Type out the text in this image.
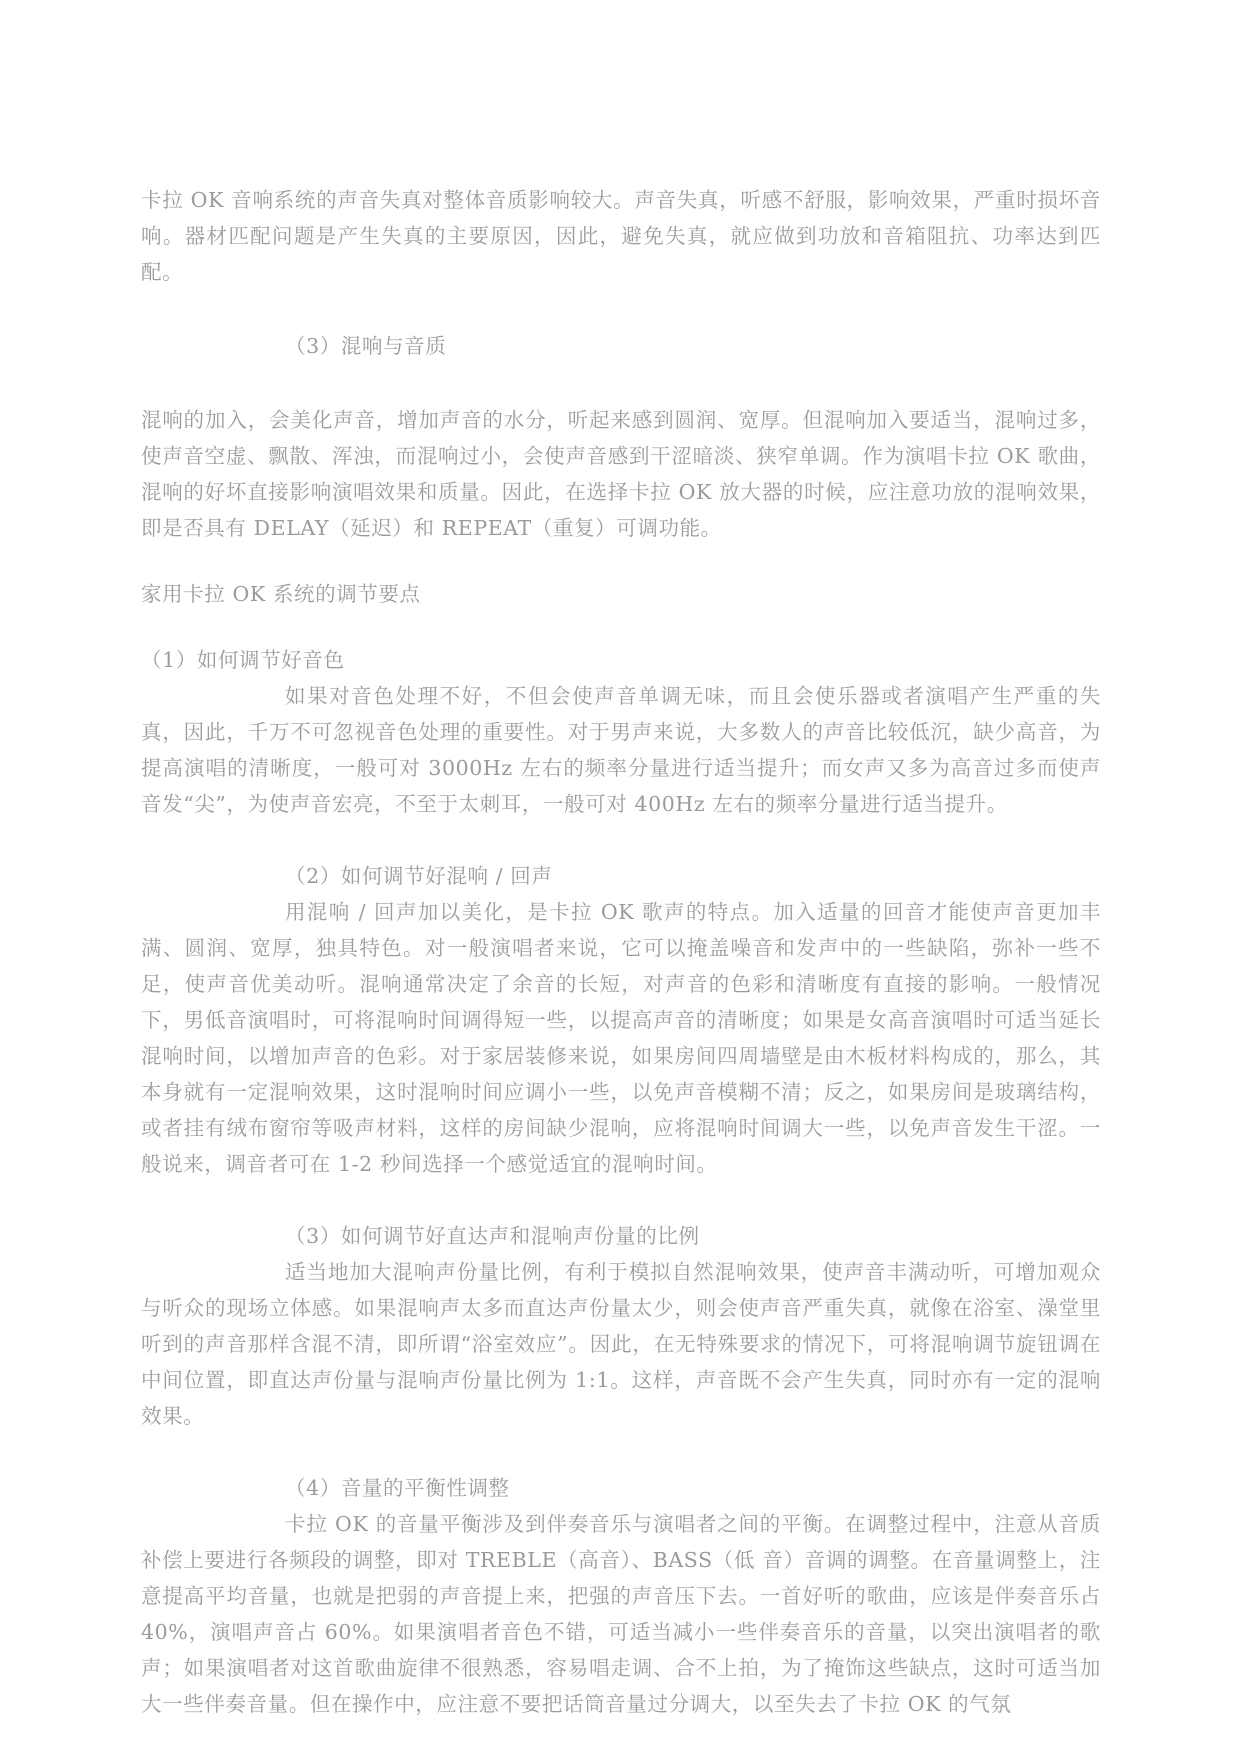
卡拉 OK 音响系统的声音失真对整体音质影响较大。声音失真，听感不舒服，影响效果，严重时损坏音响。器材匹配问题是产生失真的主要原因，因此，避免失真，就应做到功放和音箱阻抗、功率达到匹配。

（3）混响与音质

混响的加入，会美化声音，增加声音的水分，听起来感到圆润、宽厚。但混响加入要适当，混响过多，使声音空虚、飘散、浑浊，而混响过小，会使声音感到干涩暗淡、狭窄单调。作为演唱卡拉 OK 歌曲，混响的好坏直接影响演唱效果和质量。因此，在选择卡拉 OK 放大器的时候，应注意功放的混响效果，即是否具有 DELAY（延迟）和 REPEAT（重复）可调功能。

家用卡拉 OK 系统的调节要点

（1）如何调节好音色

如果对音色处理不好，不但会使声音单调无味，而且会使乐器或者演唱产生严重的失真，因此，千万不可忽视音色处理的重要性。对于男声来说，大多数人的声音比较低沉，缺少高音，为提高演唱的清晰度，一般可对 3000Hz 左右的频率分量进行适当提升；而女声又多为高音过多而使声音发“尖”，为使声音宏亮，不至于太刺耳，一般可对 400Hz 左右的频率分量进行适当提升。

（2）如何调节好混响 / 回声

用混响 / 回声加以美化，是卡拉 OK 歌声的特点。加入适量的回音才能使声音更加丰满、圆润、宽厚，独具特色。对一般演唱者来说，它可以掩盖噪音和发声中的一些缺陷，弥补一些不足，使声音优美动听。混响通常决定了余音的长短，对声音的色彩和清晰度有直接的影响。一般情况下，男低音演唱时，可将混响时间调得短一些，以提高声音的清晰度；如果是女高音演唱时可适当延长混响时间，以增加声音的色彩。对于家居装修来说，如果房间四周墙壁是由木板材料构成的，那么，其本身就有一定混响效果，这时混响时间应调小一些，以免声音模糊不清；反之，如果房间是玻璃结构，或者挂有绒布窗帘等吸声材料，这样的房间缺少混响，应将混响时间调大一些，以免声音发生干涩。一般说来，调音者可在 1-2 秒间选择一个感觉适宜的混响时间。

（3）如何调节好直达声和混响声份量的比例

适当地加大混响声份量比例，有利于模拟自然混响效果，使声音丰满动听，可增加观众与听众的现场立体感。如果混响声太多而直达声份量太少，则会使声音严重失真，就像在浴室、澡堂里听到的声音那样含混不清，即所谓“浴室效应”。因此，在无特殊要求的情况下，可将混响调节旋钮调在中间位置，即直达声份量与混响声份量比例为 1:1。这样，声音既不会产生失真，同时亦有一定的混响效果。

（4）音量的平衡性调整

卡拉 OK 的音量平衡涉及到伴奏音乐与演唱者之间的平衡。在调整过程中，注意从音质补偿上要进行各频段的调整，即对 TREBLE（高音）、BASS（低 音）音调的调整。在音量调整上，注意提高平均音量，也就是把弱的声音提上来，把强的声音压下去。一首好听的歌曲，应该是伴奏音乐占 40%，演唱声音占 60%。如果演唱者音色不错，可适当减小一些伴奏音乐的音量，以突出演唱者的歌声；如果演唱者对这首歌曲旋律不很熟悉，容易唱走调、合不上拍，为了掩饰这些缺点，这时可适当加大一些伴奏音量。但在操作中，应注意不要把话筒音量过分调大，以至失去了卡拉 OK 的气氛
